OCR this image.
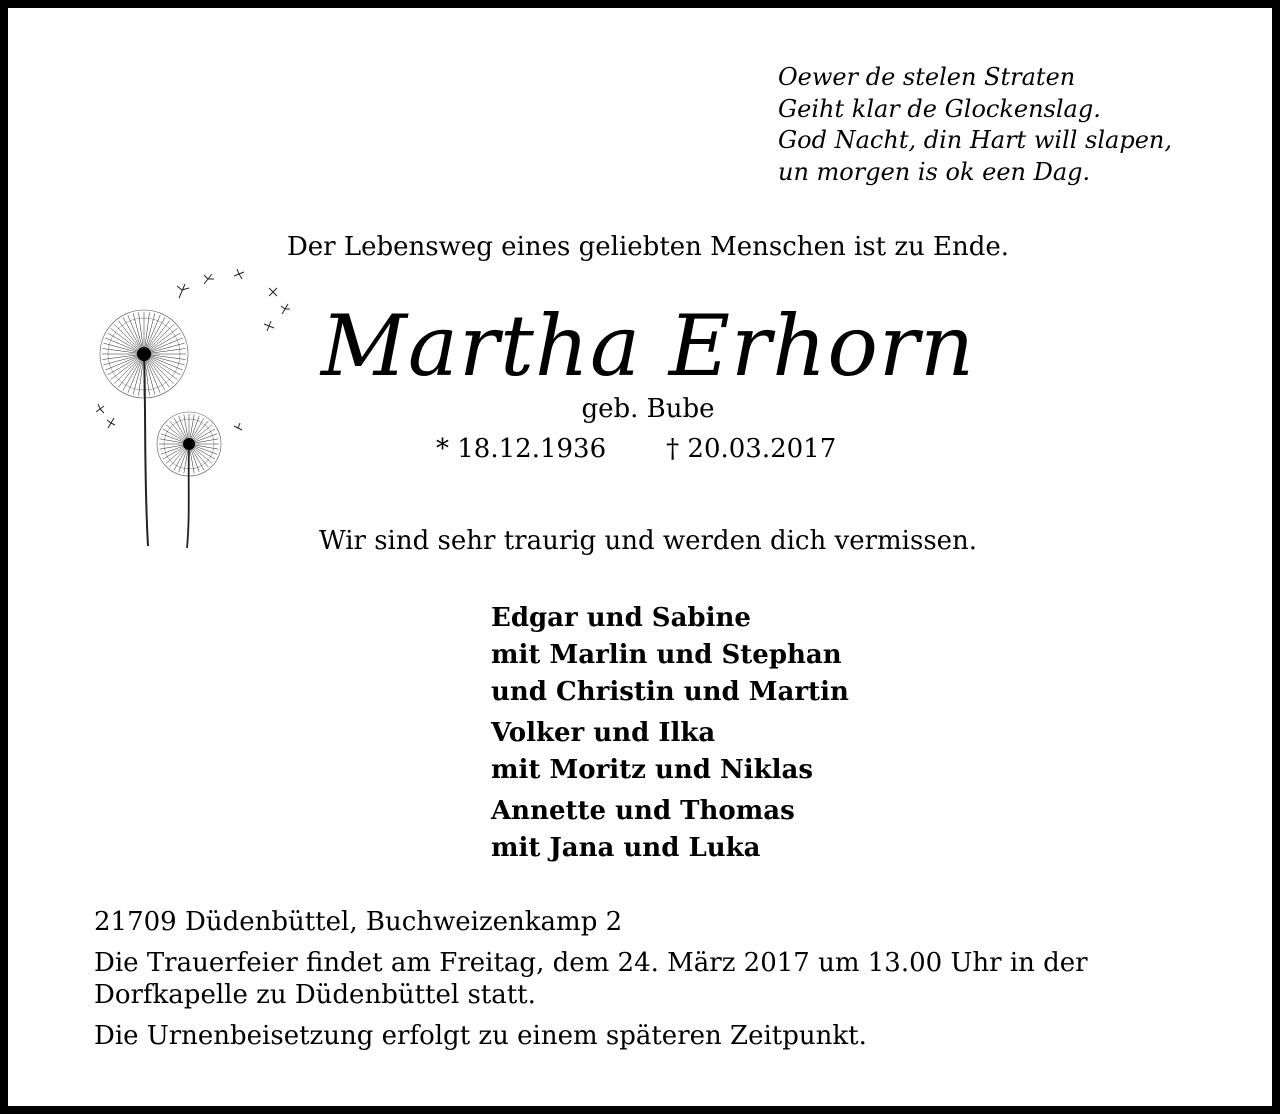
Oewer de stelen Straten
Geiht klar de Glockenslag.
God Nacht, din Hart will slapen,
un morgen is ok een Dag.
Der Lebensweg eines geliebten Menschen ist zu Ende.
Martha Erhorn
geb. Bube
* 18.12.1936 † 20.03.2017
Wir sind sehr traurig und werden dich vermissen.
Edgar und Sabine
mit Marlin und Stephan
und Christin und Martin
Volker und Ilka
mit Moritz und Niklas
Annette und Thomas
mit Jana und Luka

21709 Düdenbüttel, Buchweizenkamp 2

Die Trauerfeier findet am Freitag, dem 24. März 2017 um 13.00 Uhr in der Dorfkapelle zu Düdenbüttel statt.

Die Urnenbeisetzung erfolgt zu einem späteren Zeitpunkt.
